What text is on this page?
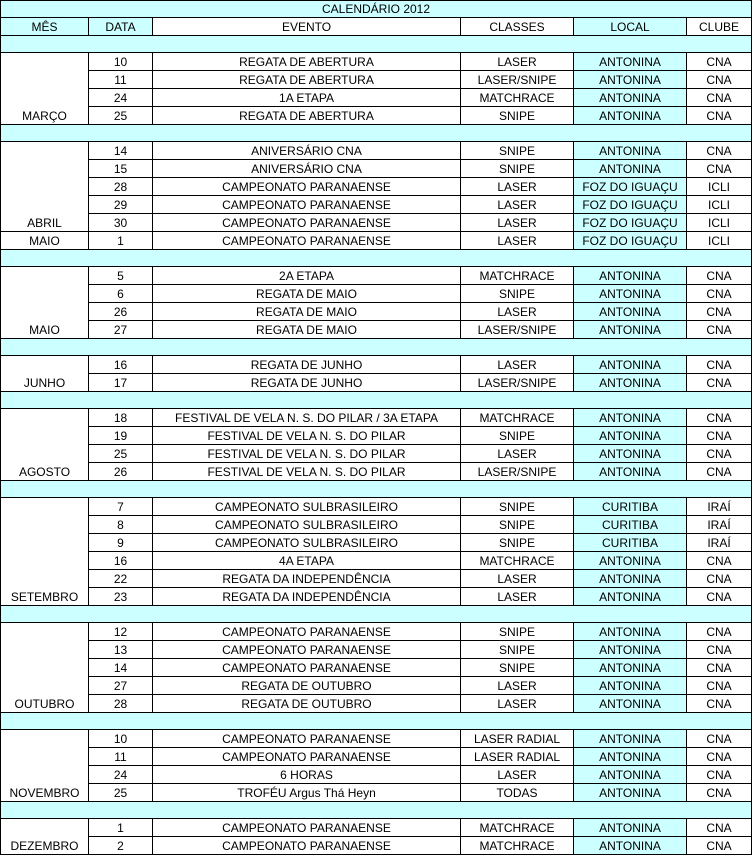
CALENDÁRIO 2012					
MÊS	DATA	EVENTO	CLASSES	LOCAL	CLUBE

MARÇO	10	REGATA DE ABERTURA	LASER	ANTONINA	CNA
	11	REGATA DE ABERTURA	LASER/SNIPE	ANTONINA	CNA
	24	1A ETAPA	MATCHRACE	ANTONINA	CNA
	25	REGATA DE ABERTURA	SNIPE	ANTONINA	CNA

ABRIL	14	ANIVERSÁRIO CNA	SNIPE	ANTONINA	CNA
	15	ANIVERSÁRIO CNA	SNIPE	ANTONINA	CNA
	28	CAMPEONATO PARANAENSE	LASER	FOZ DO IGUAÇU	ICLI
	29	CAMPEONATO PARANAENSE	LASER	FOZ DO IGUAÇU	ICLI
	30	CAMPEONATO PARANAENSE	LASER	FOZ DO IGUAÇU	ICLI
MAIO	1	CAMPEONATO PARANAENSE	LASER	FOZ DO IGUAÇU	ICLI

MAIO	5	2A ETAPA	MATCHRACE	ANTONINA	CNA
	6	REGATA DE MAIO	SNIPE	ANTONINA	CNA
	26	REGATA DE MAIO	LASER	ANTONINA	CNA
	27	REGATA DE MAIO	LASER/SNIPE	ANTONINA	CNA

JUNHO	16	REGATA DE JUNHO	LASER	ANTONINA	CNA
	17	REGATA DE JUNHO	LASER/SNIPE	ANTONINA	CNA

AGOSTO	18	FESTIVAL DE VELA N. S. DO PILAR / 3A ETAPA	MATCHRACE	ANTONINA	CNA
	19	FESTIVAL DE VELA N. S. DO PILAR	SNIPE	ANTONINA	CNA
	25	FESTIVAL DE VELA N. S. DO PILAR	LASER	ANTONINA	CNA
	26	FESTIVAL DE VELA N. S. DO PILAR	LASER/SNIPE	ANTONINA	CNA

SETEMBRO	7	CAMPEONATO SULBRASILEIRO	SNIPE	CURITIBA	IRAÍ
	8	CAMPEONATO SULBRASILEIRO	SNIPE	CURITIBA	IRAÍ
	9	CAMPEONATO SULBRASILEIRO	SNIPE	CURITIBA	IRAÍ
	16	4A ETAPA	MATCHRACE	ANTONINA	CNA
	22	REGATA DA INDEPENDÊNCIA	LASER	ANTONINA	CNA
	23	REGATA DA INDEPENDÊNCIA	LASER	ANTONINA	CNA

OUTUBRO	12	CAMPEONATO PARANAENSE	SNIPE	ANTONINA	CNA
	13	CAMPEONATO PARANAENSE	SNIPE	ANTONINA	CNA
	14	CAMPEONATO PARANAENSE	SNIPE	ANTONINA	CNA
	27	REGATA DE OUTUBRO	LASER	ANTONINA	CNA
	28	REGATA DE OUTUBRO	LASER	ANTONINA	CNA

NOVEMBRO	10	CAMPEONATO PARANAENSE	LASER RADIAL	ANTONINA	CNA
	11	CAMPEONATO PARANAENSE	LASER RADIAL	ANTONINA	CNA
	24	6 HORAS	LASER	ANTONINA	CNA
	25	TROFÉU Argus Thá Heyn	TODAS	ANTONINA	CNA

DEZEMBRO	1	CAMPEONATO PARANAENSE	MATCHRACE	ANTONINA	CNA
	2	CAMPEONATO PARANAENSE	MATCHRACE	ANTONINA	CNA
